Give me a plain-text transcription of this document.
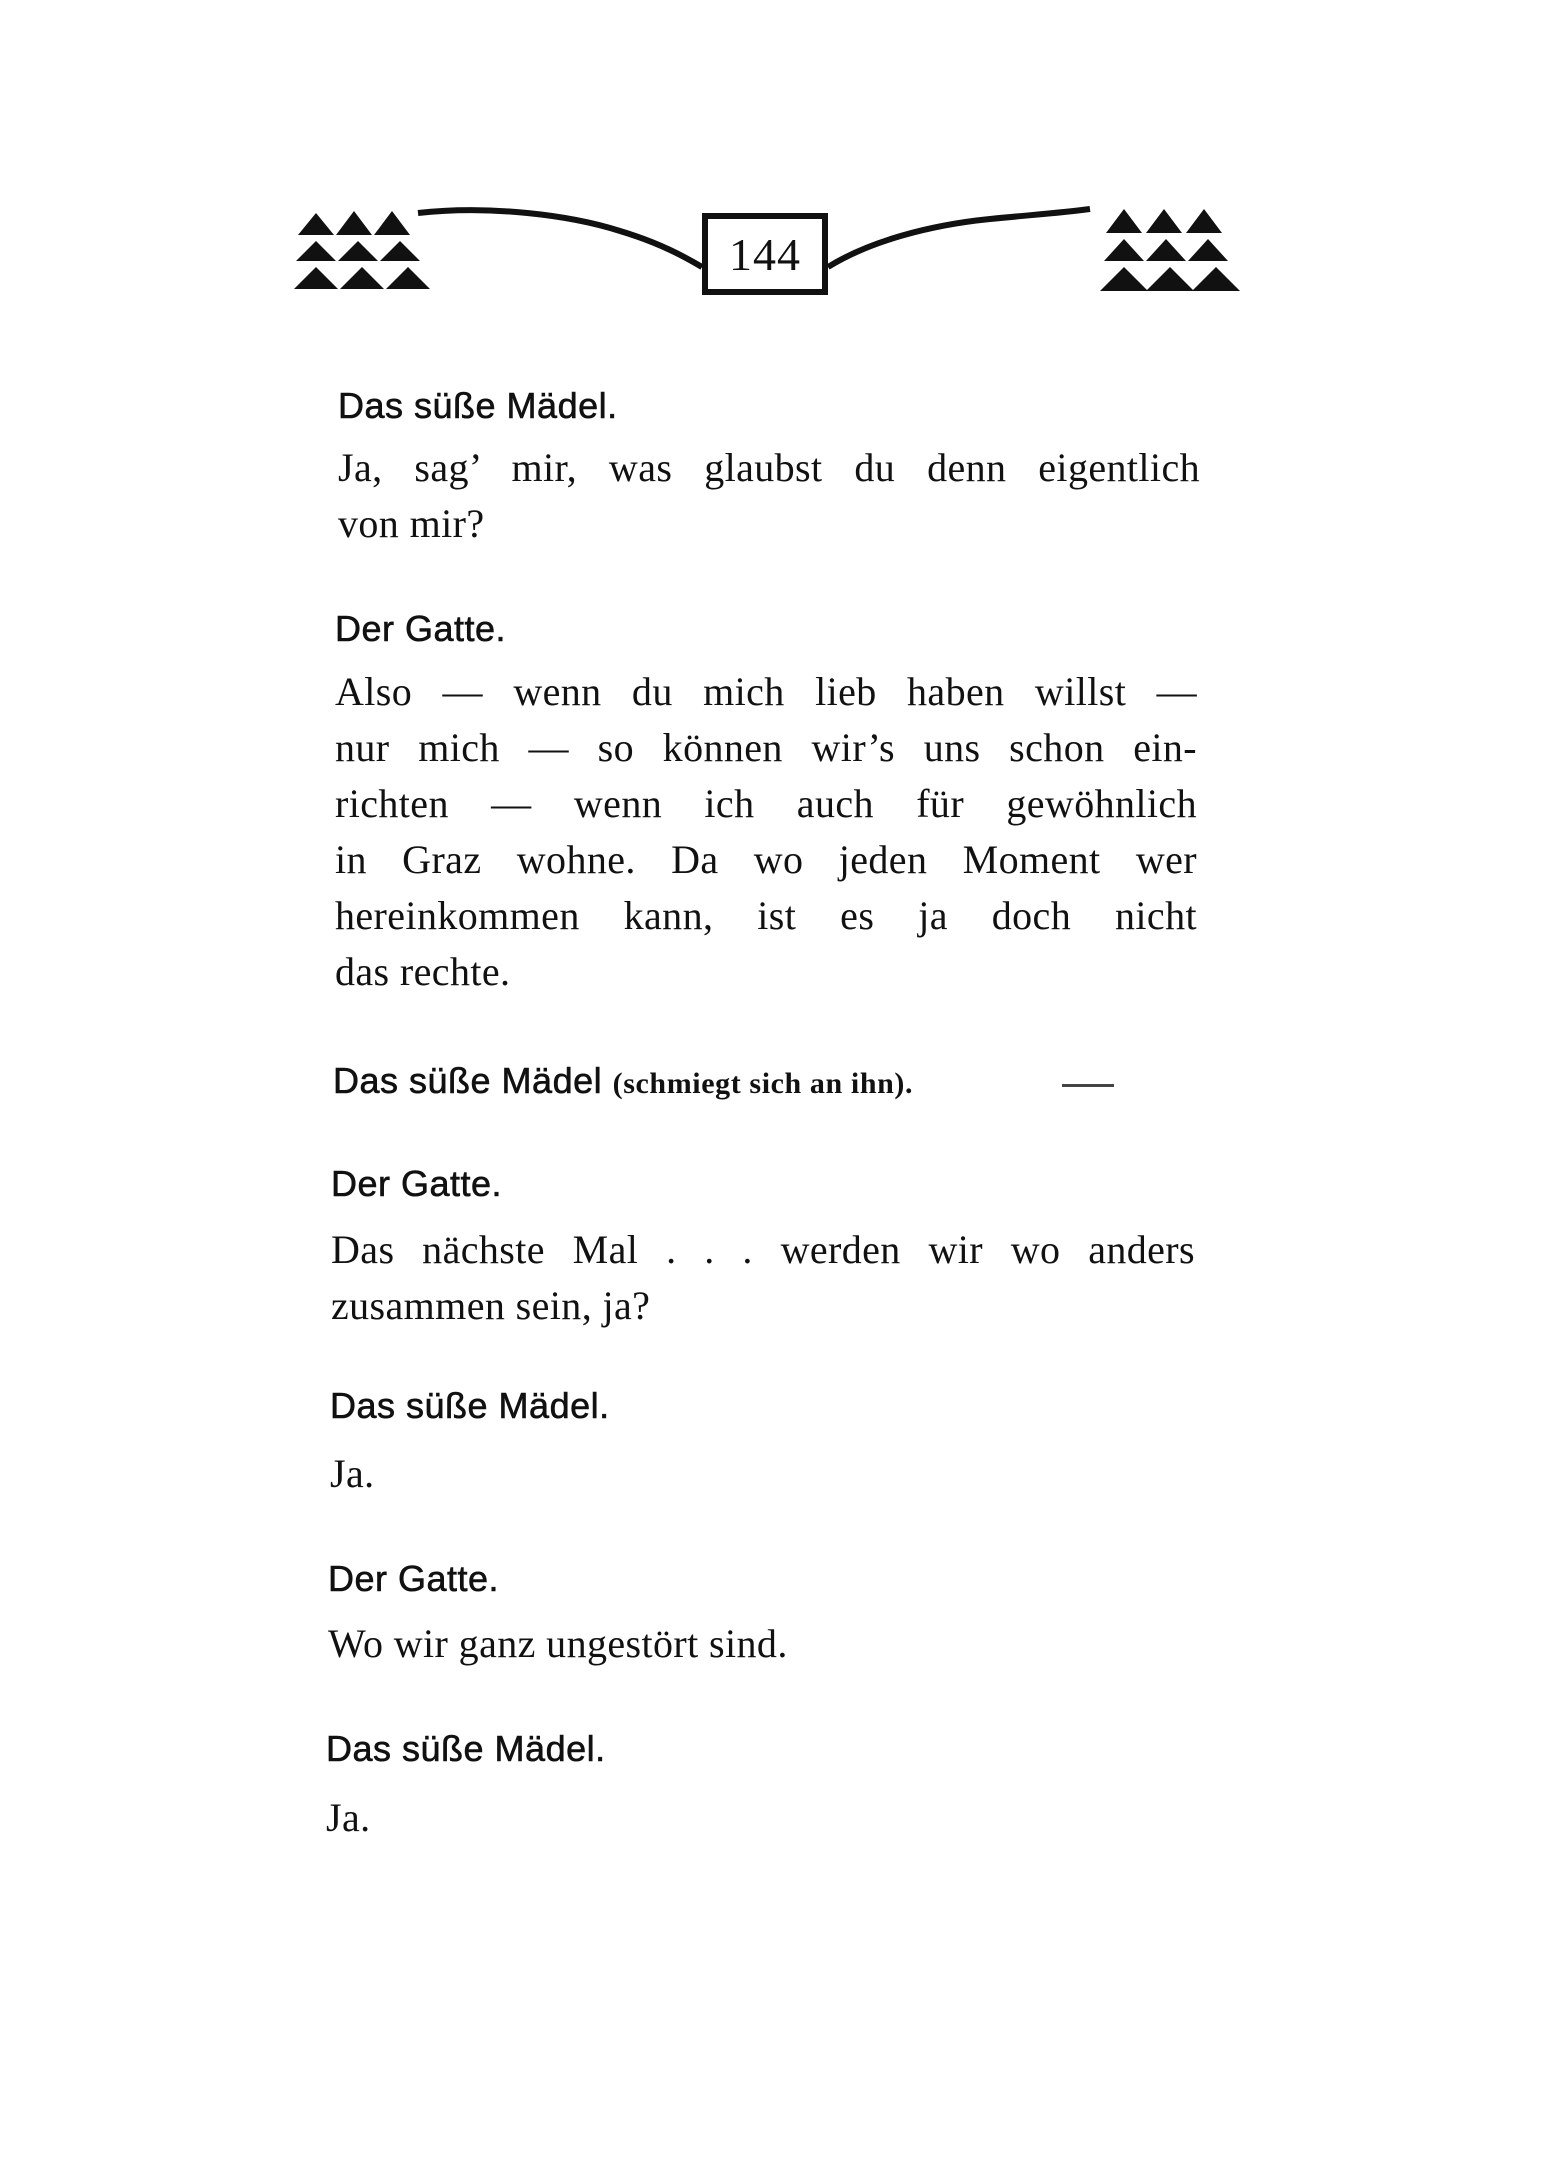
144
Das süße Mädel.
Ja, sag’ mir, was glaubst du denn eigentlich
von mir?
Der Gatte.
Also — wenn du mich lieb haben willst —
nur mich — so können wir’s uns schon ein-
richten — wenn ich auch für gewöhnlich
in Graz wohne. Da wo jeden Moment wer
hereinkommen kann, ist es ja doch nicht
das rechte.
Das süße Mädel (schmiegt sich an ihn).
Der Gatte.
Das nächste Mal . . . werden wir wo anders
zusammen sein, ja?
Das süße Mädel.
Ja.
Der Gatte.
Wo wir ganz ungestört sind.
Das süße Mädel.
Ja.
